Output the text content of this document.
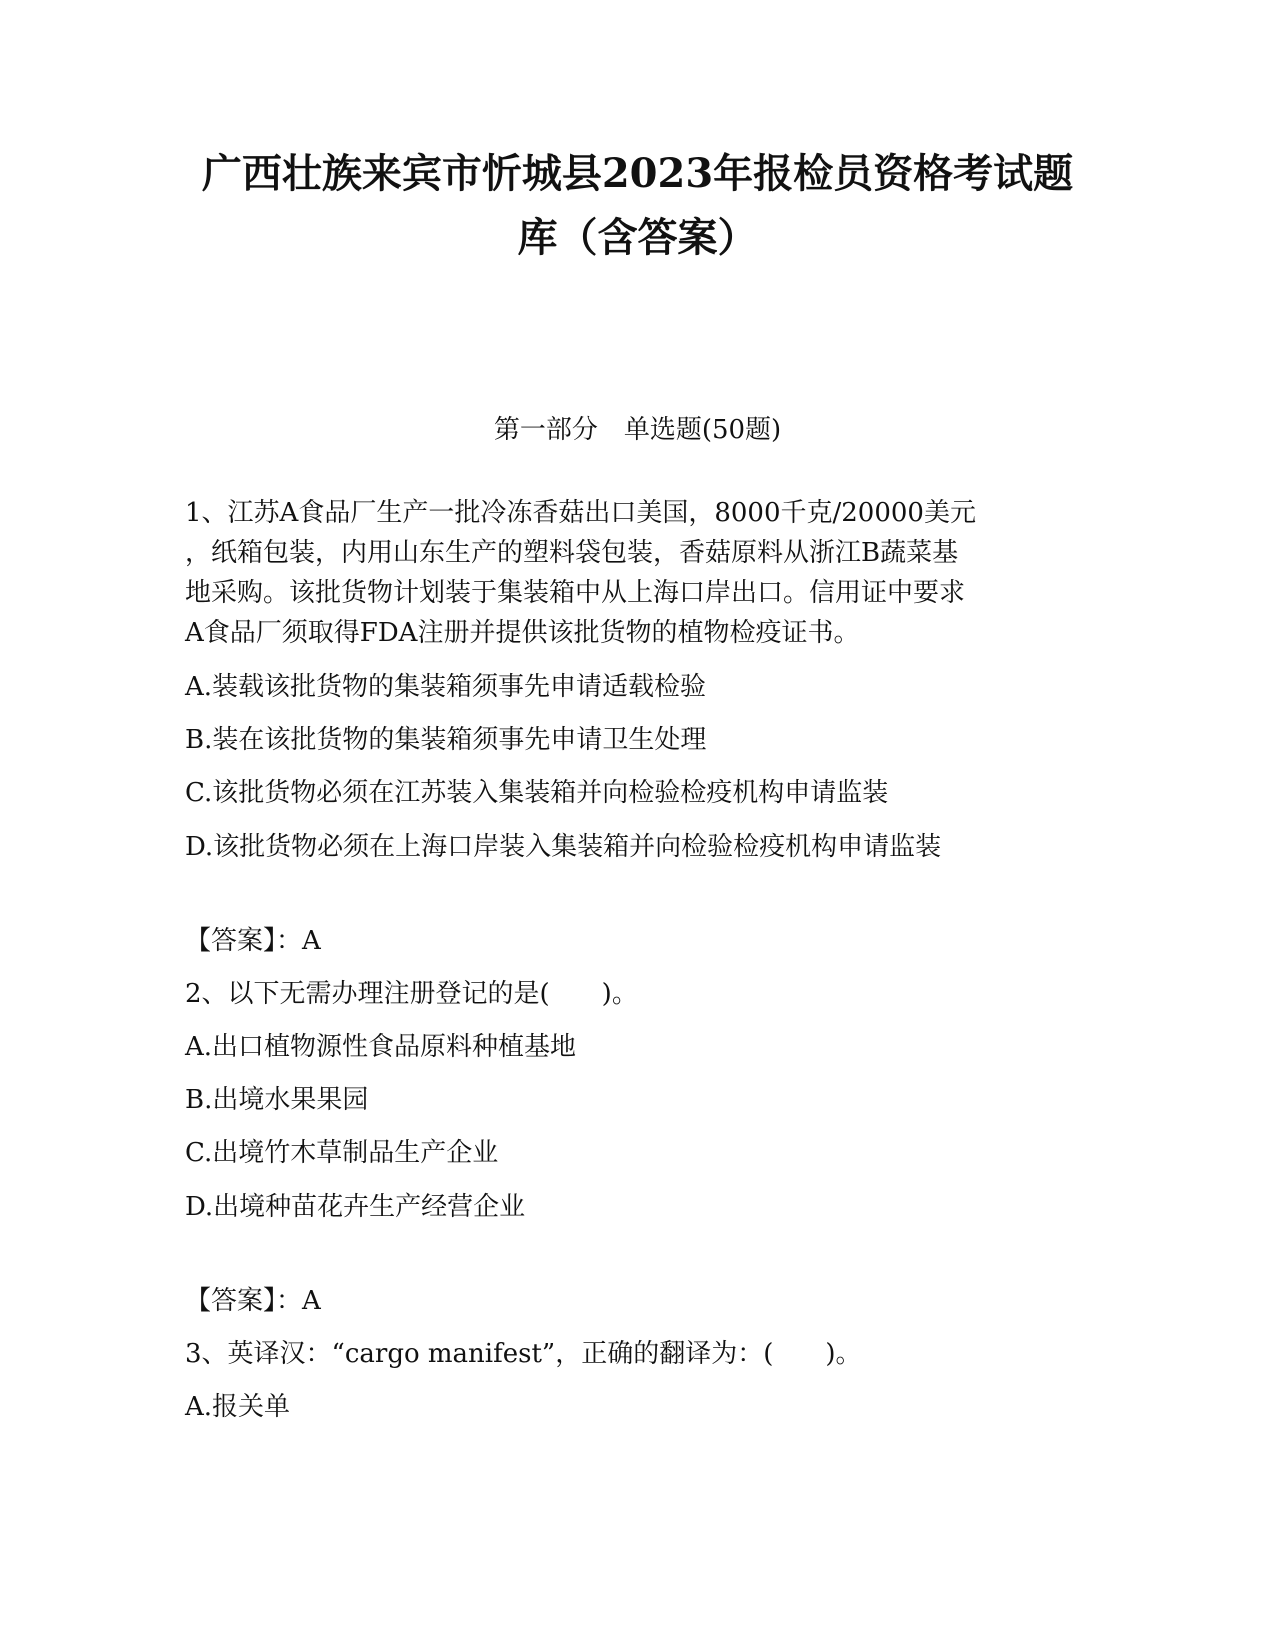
广西壮族来宾市忻城县2023年报检员资格考试题
库（含答案）

第一部分　单选题(50题)

1、江苏A食品厂生产一批冷冻香菇出口美国，8000千克/20000美元

，纸箱包装，内用山东生产的塑料袋包装，香菇原料从浙江B蔬菜基

地采购。该批货物计划装于集装箱中从上海口岸出口。信用证中要求

A食品厂须取得FDA注册并提供该批货物的植物检疫证书。

A.装载该批货物的集装箱须事先申请适载检验

B.装在该批货物的集装箱须事先申请卫生处理

C.该批货物必须在江苏装入集装箱并向检验检疫机构申请监装

D.该批货物必须在上海口岸装入集装箱并向检验检疫机构申请监装

【答案】：A

2、以下无需办理注册登记的是(　　)。

A.出口植物源性食品原料种植基地

B.出境水果果园

C.出境竹木草制品生产企业

D.出境种苗花卉生产经营企业

【答案】：A

3、英译汉：“cargo manifest”，正确的翻译为：(　　)。

A.报关单
